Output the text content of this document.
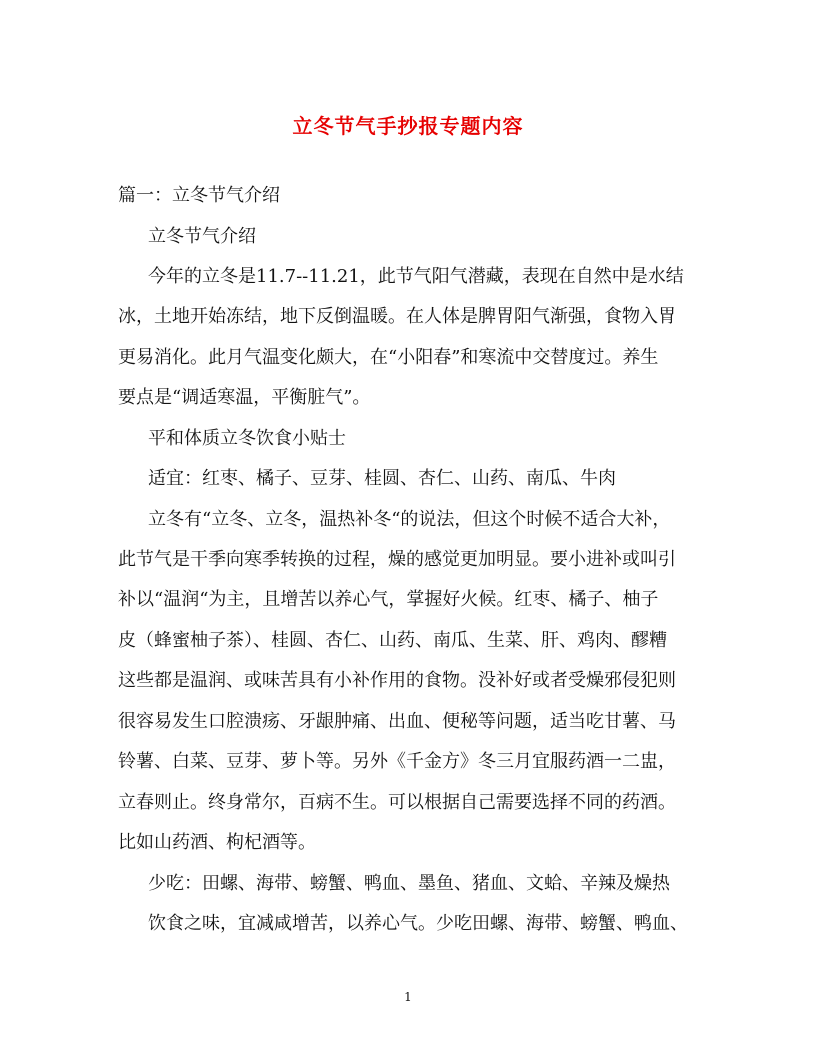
立冬节气手抄报专题内容
篇一：立冬节气介绍
立冬节气介绍
今年的立冬是11.7--11.21，此节气阳气潜藏，表现在自然中是水结
冰，土地开始冻结，地下反倒温暖。在人体是脾胃阳气渐强，食物入胃
更易消化。此月气温变化颇大，在“小阳春”和寒流中交替度过。养生
要点是“调适寒温，平衡脏气”。
平和体质立冬饮食小贴士
适宜：红枣、橘子、豆芽、桂圆、杏仁、山药、南瓜、牛肉
立冬有“立冬、立冬，温热补冬“的说法，但这个时候不适合大补，
此节气是干季向寒季转换的过程，燥的感觉更加明显。要小进补或叫引
补以“温润“为主，且增苦以养心气，掌握好火候。红枣、橘子、柚子
皮（蜂蜜柚子茶）、桂圆、杏仁、山药、南瓜、生菜、肝、鸡肉、醪糟
这些都是温润、或味苦具有小补作用的食物。没补好或者受燥邪侵犯则
很容易发生口腔溃疡、牙龈肿痛、出血、便秘等问题，适当吃甘薯、马
铃薯、白菜、豆芽、萝卜等。另外《千金方》冬三月宜服药酒一二盅，
立春则止。终身常尔，百病不生。可以根据自己需要选择不同的药酒。
比如山药酒、枸杞酒等。
少吃：田螺、海带、螃蟹、鸭血、墨鱼、猪血、文蛤、辛辣及燥热
饮食之味，宜减咸增苦，以养心气。少吃田螺、海带、螃蟹、鸭血、
1
